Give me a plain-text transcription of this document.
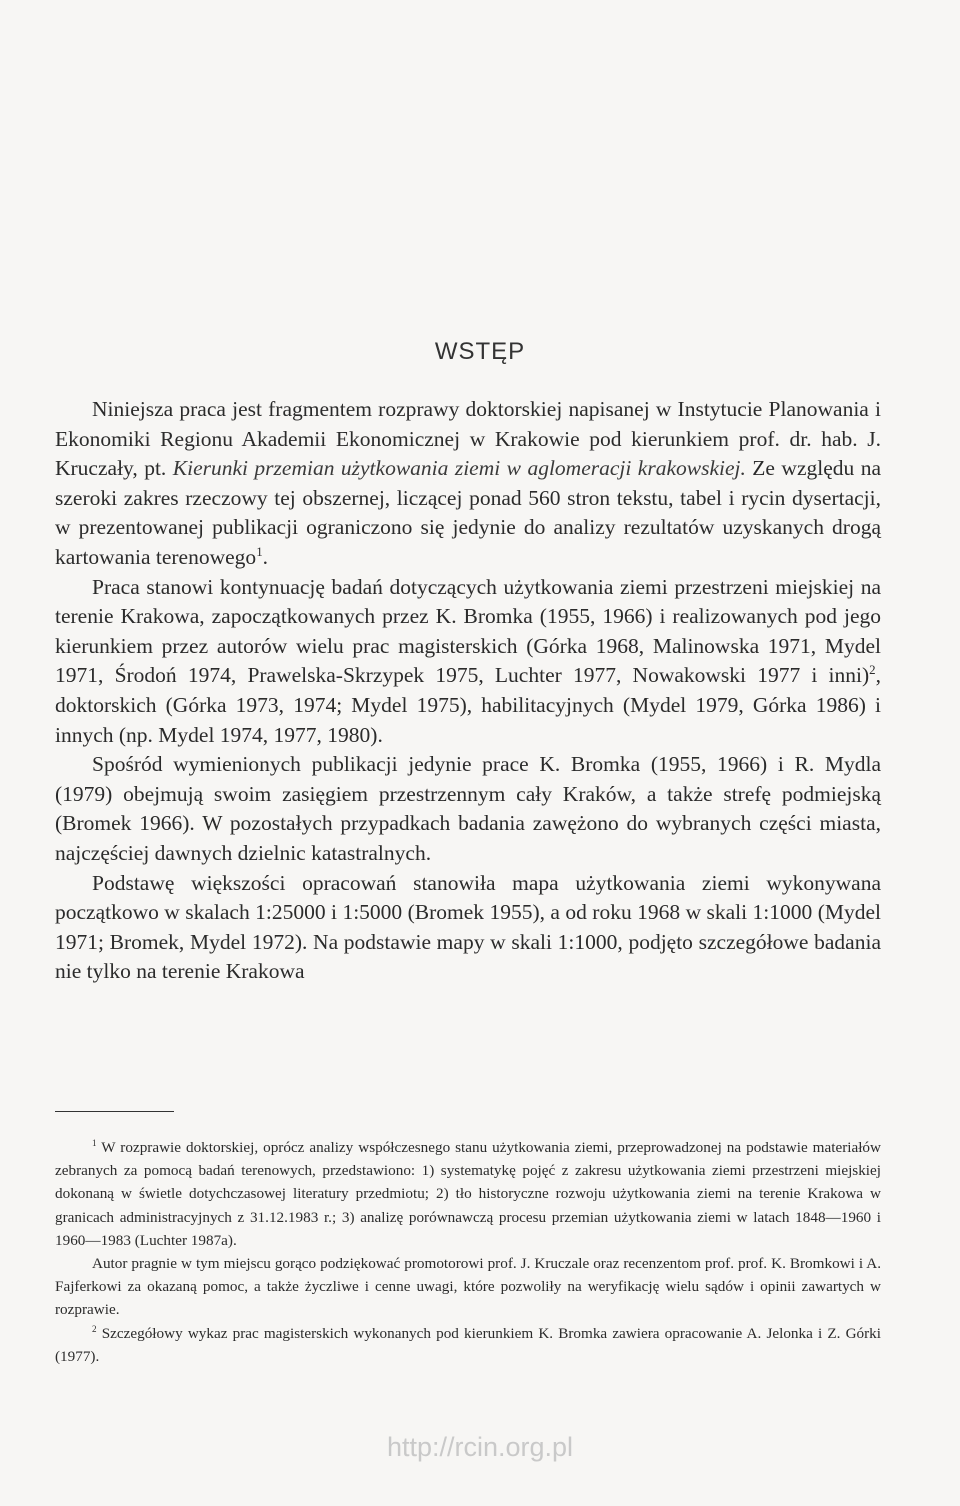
WSTĘP

Niniejsza praca jest fragmentem rozprawy doktorskiej napisanej w Instytucie Planowania i Ekonomiki Regionu Akademii Ekonomicznej w Krakowie pod kierunkiem prof. dr. hab. J. Kruczały, pt. Kierunki przemian użytkowania ziemi w aglomeracji krakowskiej. Ze względu na szeroki zakres rzeczowy tej obszernej, liczącej ponad 560 stron tekstu, tabel i rycin dysertacji, w prezentowanej publikacji ograniczono się jedynie do analizy rezultatów uzyskanych drogą kartowania terenowego$^1$.

Praca stanowi kontynuację badań dotyczących użytkowania ziemi przestrzeni miejskiej na terenie Krakowa, zapoczątkowanych przez K. Bromka (1955, 1966) i realizowanych pod jego kierunkiem przez autorów wielu prac magisterskich (Górka 1968, Malinowska 1971, Mydel 1971, Środoń 1974, Prawelska-Skrzypek 1975, Luchter 1977, Nowakowski 1977 i inni)$^2$, doktorskich (Górka 1973, 1974; Mydel 1975), habilitacyjnych (Mydel 1979, Górka 1986) i innych (np. Mydel 1974, 1977, 1980).

Spośród wymienionych publikacji jedynie prace K. Bromka (1955, 1966) i R. Mydla (1979) obejmują swoim zasięgiem przestrzennym cały Kraków, a także strefę podmiejską (Bromek 1966). W pozostałych przypadkach badania zawężono do wybranych części miasta, najczęściej dawnych dzielnic katastralnych.

Podstawę większości opracowań stanowiła mapa użytkowania ziemi wykonywana początkowo w skalach 1:25000 i 1:5000 (Bromek 1955), a od roku 1968 w skali 1:1000 (Mydel 1971; Bromek, Mydel 1972). Na podstawie mapy w skali 1:1000, podjęto szczegółowe badania nie tylko na terenie Krakowa

$^1$ W rozprawie doktorskiej, oprócz analizy współczesnego stanu użytkowania ziemi, przeprowadzonej na podstawie materiałów zebranych za pomocą badań terenowych, przedstawiono: 1) systematykę pojęć z zakresu użytkowania ziemi przestrzeni miejskiej dokonaną w świetle dotychczasowej literatury przedmiotu; 2) tło historyczne rozwoju użytkowania ziemi na terenie Krakowa w granicach administracyjnych z 31.12.1983 r.; 3) analizę porównawczą procesu przemian użytkowania ziemi w latach 1848—1960 i 1960—1983 (Luchter 1987a).

Autor pragnie w tym miejscu gorąco podziękować promotorowi prof. J. Kruczale oraz recenzentom prof. prof. K. Bromkowi i A. Fajferkowi za okazaną pomoc, a także życzliwe i cenne uwagi, które pozwoliły na weryfikację wielu sądów i opinii zawartych w rozprawie.

$^2$ Szczegółowy wykaz prac magisterskich wykonanych pod kierunkiem K. Bromka zawiera opracowanie A. Jelonka i Z. Górki (1977).

http://rcin.org.pl
